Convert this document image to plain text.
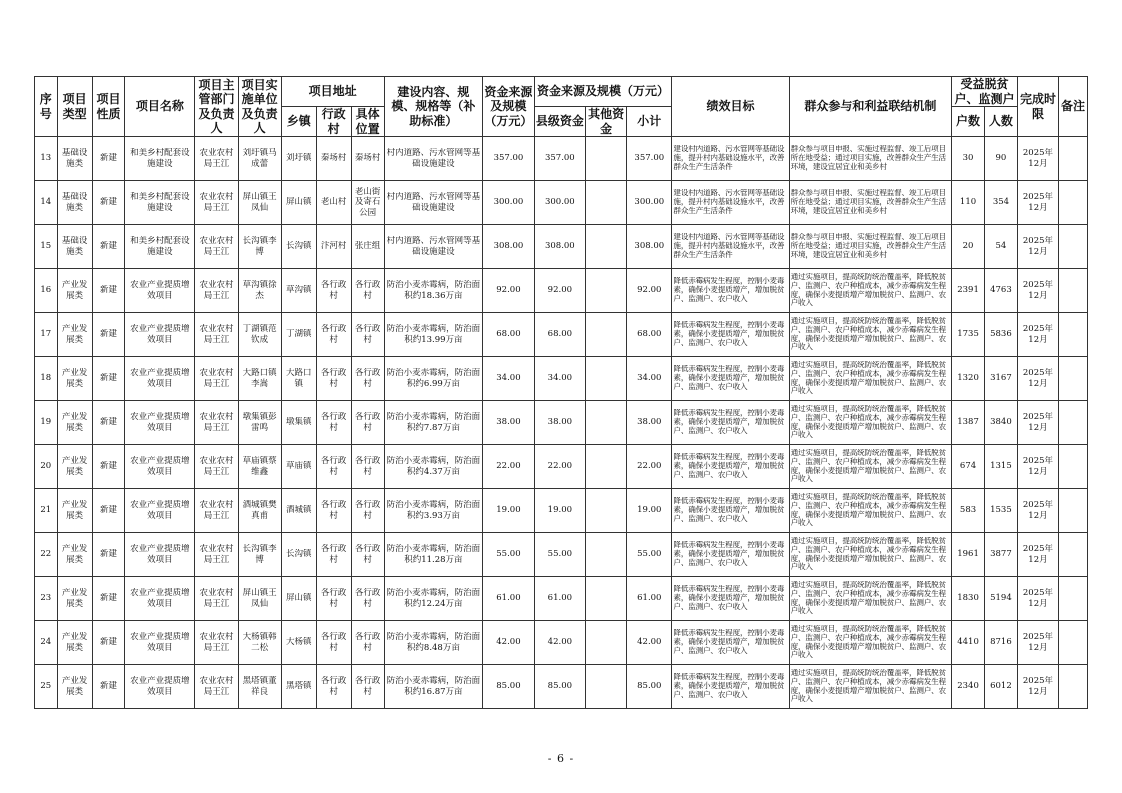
序号	项目类型	项目性质	项目名称	项目主管部门及负责人	项目实施单位及负责人	项目地址			建设内容、规模、规格等（补助标准）	资金来源及规模（万元）	资金来源及规模（万元）			绩效目标	群众参与和利益联结机制	受益脱贫户、监测户		完成时限	备注
						乡镇	行政村	具体位置			县级资金	其他资金	小计			户数	人数		

13	基础设施类	新建	和美乡村配套设施建设	农业农村局王江	刘圩镇马成蕾	刘圩镇	秦场村	秦场村	村内道路、污水管网等基础设施建设	357.00	357.00		357.00	建设村内道路、污水管网等基础设施，提升村内基础设施水平，改善群众生产生活条件	群众参与项目申报、实施过程监督、竣工后项目所在地受益；通过项目实施，改善群众生产生活环境，建设宜居宜业和美乡村	30	90	2025年12月	

14	基础设施类	新建	和美乡村配套设施建设	农业农村局王江	屏山镇王凤仙	屏山镇	老山村	老山街及寄石公园	村内道路、污水管网等基础设施建设	300.00	300.00		300.00	建设村内道路、污水管网等基础设施，提升村内基础设施水平，改善群众生产生活条件	群众参与项目申报、实施过程监督、竣工后项目所在地受益；通过项目实施，改善群众生产生活环境，建设宜居宜业和美乡村	110	354	2025年12月	

15	基础设施类	新建	和美乡村配套设施建设	农业农村局王江	长沟镇李博	长沟镇	汴河村	张庄组	村内道路、污水管网等基础设施建设	308.00	308.00		308.00	建设村内道路、污水管网等基础设施，提升村内基础设施水平，改善群众生产生活条件	群众参与项目申报、实施过程监督、竣工后项目所在地受益；通过项目实施，改善群众生产生活环境，建设宜居宜业和美乡村	20	54	2025年12月	

16	产业发展类	新建	农业产业提质增效项目	农业农村局王江	草沟镇徐杰	草沟镇	各行政村	各行政村	防治小麦赤霉病，防治面积约18.36万亩	92.00	92.00		92.00	降低赤霉病发生程度，控制小麦毒素，确保小麦提质增产，增加脱贫户、监测户、农户收入	通过实施项目，提高统防统治覆盖率，降低脱贫户、监测户、农户种植成本，减少赤霉病发生程度，确保小麦提质增产增加脱贫户、监测户、农户收入	2391	4763	2025年12月	

17	产业发展类	新建	农业产业提质增效项目	农业农村局王江	丁湖镇范钦成	丁湖镇	各行政村	各行政村	防治小麦赤霉病，防治面积约13.99万亩	68.00	68.00		68.00	降低赤霉病发生程度，控制小麦毒素，确保小麦提质增产，增加脱贫户、监测户、农户收入	通过实施项目，提高统防统治覆盖率，降低脱贫户、监测户、农户种植成本，减少赤霉病发生程度，确保小麦提质增产增加脱贫户、监测户、农户收入	1735	5836	2025年12月	

18	产业发展类	新建	农业产业提质增效项目	农业农村局王江	大路口镇李嵩	大路口镇	各行政村	各行政村	防治小麦赤霉病，防治面积约6.99万亩	34.00	34.00		34.00	降低赤霉病发生程度，控制小麦毒素，确保小麦提质增产，增加脱贫户、监测户、农户收入	通过实施项目，提高统防统治覆盖率，降低脱贫户、监测户、农户种植成本，减少赤霉病发生程度，确保小麦提质增产增加脱贫户、监测户、农户收入	1320	3167	2025年12月	

19	产业发展类	新建	农业产业提质增效项目	农业农村局王江	墩集镇彭雷鸣	墩集镇	各行政村	各行政村	防治小麦赤霉病，防治面积约7.87万亩	38.00	38.00		38.00	降低赤霉病发生程度，控制小麦毒素，确保小麦提质增产，增加脱贫户、监测户、农户收入	通过实施项目，提高统防统治覆盖率，降低脱贫户、监测户、农户种植成本，减少赤霉病发生程度，确保小麦提质增产增加脱贫户、监测户、农户收入	1387	3840	2025年12月	

20	产业发展类	新建	农业产业提质增效项目	农业农村局王江	草庙镇蔡维鑫	草庙镇	各行政村	各行政村	防治小麦赤霉病，防治面积约4.37万亩	22.00	22.00		22.00	降低赤霉病发生程度，控制小麦毒素，确保小麦提质增产，增加脱贫户、监测户、农户收入	通过实施项目，提高统防统治覆盖率，降低脱贫户、监测户、农户种植成本，减少赤霉病发生程度，确保小麦提质增产增加脱贫户、监测户、农户收入	674	1315	2025年12月	

21	产业发展类	新建	农业产业提质增效项目	农业农村局王江	酒城镇樊真甫	酒城镇	各行政村	各行政村	防治小麦赤霉病，防治面积约3.93万亩	19.00	19.00		19.00	降低赤霉病发生程度，控制小麦毒素，确保小麦提质增产，增加脱贫户、监测户、农户收入	通过实施项目，提高统防统治覆盖率，降低脱贫户、监测户、农户种植成本，减少赤霉病发生程度，确保小麦提质增产增加脱贫户、监测户、农户收入	583	1535	2025年12月	

22	产业发展类	新建	农业产业提质增效项目	农业农村局王江	长沟镇李博	长沟镇	各行政村	各行政村	防治小麦赤霉病，防治面积约11.28万亩	55.00	55.00		55.00	降低赤霉病发生程度，控制小麦毒素，确保小麦提质增产，增加脱贫户、监测户、农户收入	通过实施项目，提高统防统治覆盖率，降低脱贫户、监测户、农户种植成本，减少赤霉病发生程度，确保小麦提质增产增加脱贫户、监测户、农户收入	1961	3877	2025年12月	

23	产业发展类	新建	农业产业提质增效项目	农业农村局王江	屏山镇王凤仙	屏山镇	各行政村	各行政村	防治小麦赤霉病，防治面积约12.24万亩	61.00	61.00		61.00	降低赤霉病发生程度，控制小麦毒素，确保小麦提质增产，增加脱贫户、监测户、农户收入	通过实施项目，提高统防统治覆盖率，降低脱贫户、监测户、农户种植成本，减少赤霉病发生程度，确保小麦提质增产增加脱贫户、监测户、农户收入	1830	5194	2025年12月	

24	产业发展类	新建	农业产业提质增效项目	农业农村局王江	大杨镇韩二松	大杨镇	各行政村	各行政村	防治小麦赤霉病，防治面积约8.48万亩	42.00	42.00		42.00	降低赤霉病发生程度，控制小麦毒素，确保小麦提质增产，增加脱贫户、监测户、农户收入	通过实施项目，提高统防统治覆盖率，降低脱贫户、监测户、农户种植成本，减少赤霉病发生程度，确保小麦提质增产增加脱贫户、监测户、农户收入	4410	8716	2025年12月	

25	产业发展类	新建	农业产业提质增效项目	农业农村局王江	黑塔镇董祥良	黑塔镇	各行政村	各行政村	防治小麦赤霉病，防治面积约16.87万亩	85.00	85.00		85.00	降低赤霉病发生程度，控制小麦毒素，确保小麦提质增产，增加脱贫户、监测户、农户收入	通过实施项目，提高统防统治覆盖率，降低脱贫户、监测户、农户种植成本，减少赤霉病发生程度，确保小麦提质增产增加脱贫户、监测户、农户收入	2340	6012	2025年12月	

- 6 -
